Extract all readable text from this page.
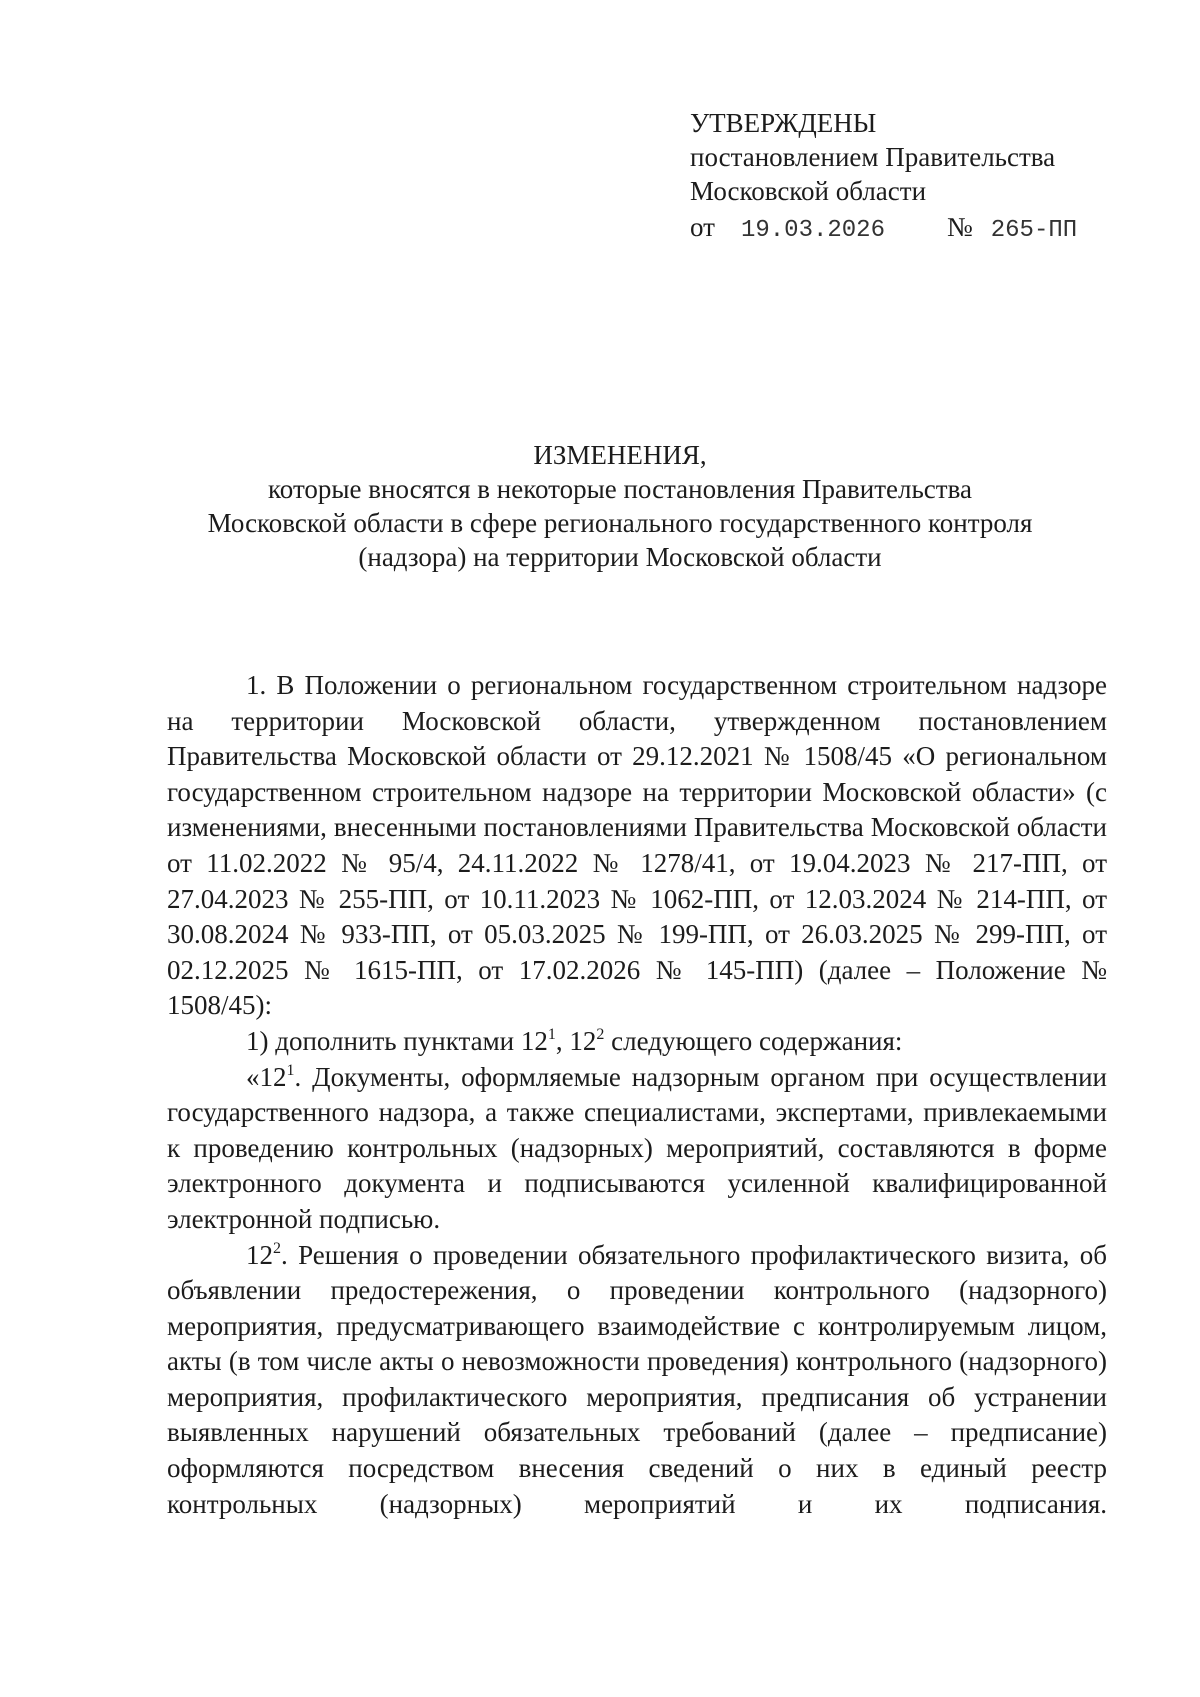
УТВЕРЖДЕНЫ
постановлением Правительства
Московской области
от 19.03.2026 № 265-ПП
ИЗМЕНЕНИЯ,
которые вносятся в некоторые постановления Правительства
Московской области в сфере регионального государственного контроля
(надзора) на территории Московской области

1. В Положении о региональном государственном строительном надзоре на территории Московской области, утвержденном постановлением Правительства Московской области от 29.12.2021 № 1508/45 «О региональном государственном строительном надзоре на территории Московской области» (с изменениями, внесенными постановлениями Правительства Московской области от 11.02.2022 № 95/4, 24.11.2022 № 1278/41, от 19.04.2023 № 217-ПП, от 27.04.2023 № 255-ПП, от 10.11.2023 № 1062-ПП, от 12.03.2024 № 214-ПП, от 30.08.2024 № 933-ПП, от 05.03.2025 № 199-ПП, от 26.03.2025 № 299-ПП, от 02.12.2025 № 1615-ПП, от 17.02.2026 № 145-ПП) (далее – Положение № 1508/45):

1) дополнить пунктами $12^1$, $12^2$ следующего содержания:

«$12^1$. Документы, оформляемые надзорным органом при осуществлении государственного надзора, а также специалистами, экспертами, привлекаемыми к проведению контрольных (надзорных) мероприятий, составляются в форме электронного документа и подписываются усиленной квалифицированной электронной подписью.

$12^2$. Решения о проведении обязательного профилактического визита, об объявлении предостережения, о проведении контрольного (надзорного) мероприятия, предусматривающего взаимодействие с контролируемым лицом, акты (в том числе акты о невозможности проведения) контрольного (надзорного) мероприятия, профилактического мероприятия, предписания об устранении выявленных нарушений обязательных требований (далее – предписание) оформляются посредством внесения сведений о них в единый реестр контрольных (надзорных) мероприятий и их подписания.
